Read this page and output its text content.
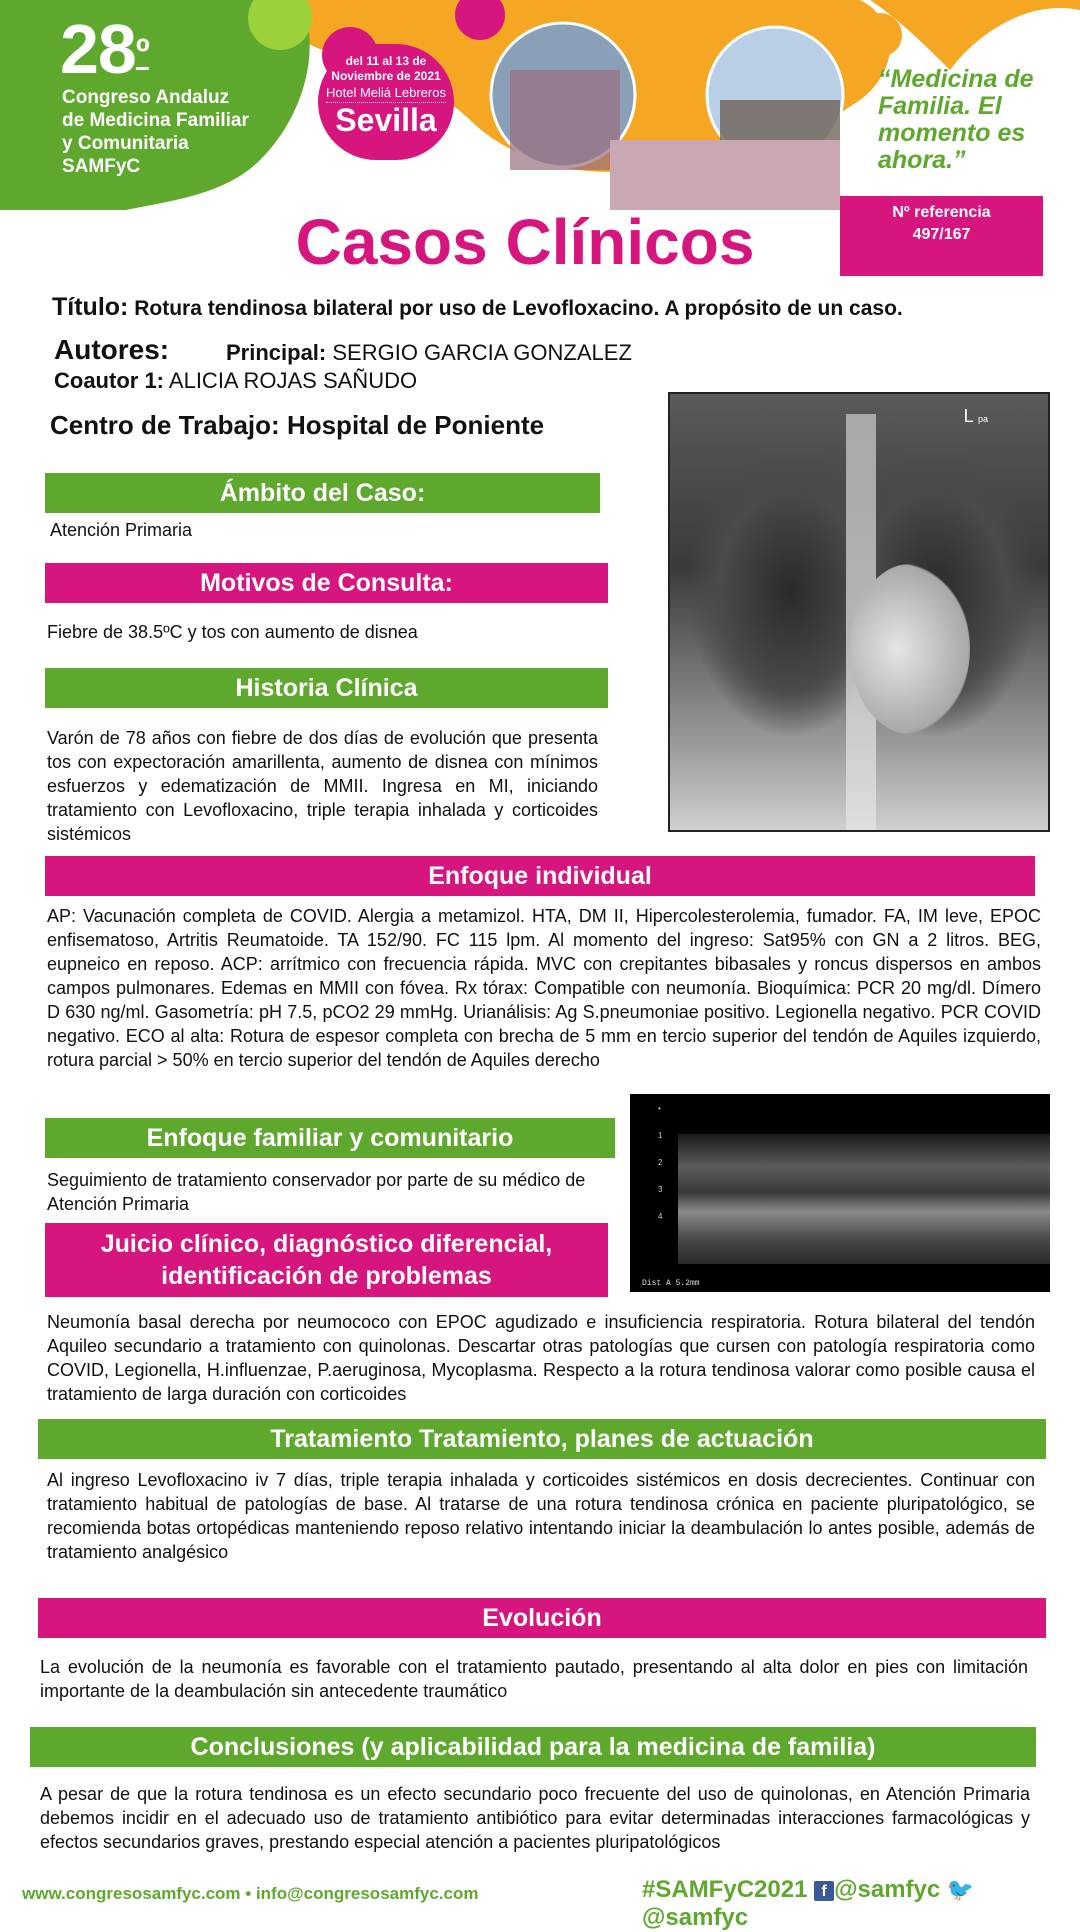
$28^º$
Congreso Andaluz
de Medicina Familiar
y Comunitaria
SAMFyC
del 11 al 13 de
Noviembre de 2021
Hotel Meliá Lebreros
Sevilla
“Medicina de Familia. El momento es ahora.”
Nº referencia
497/167
Casos Clínicos
Título: Rotura tendinosa bilateral por uso de Levofloxacino. A propósito de un caso.
Autores:	Principal: SERGIO GARCIA GONZALEZ
Coautor 1: ALICIA ROJAS SAÑUDO
Centro de Trabajo: Hospital de Poniente	L pa
•

1

2

3

4
Dist A 5.2mm
Ámbito del Caso:
Atención Primaria
Motivos de Consulta:
Fiebre de 38.5ºC y tos con aumento de disnea
Historia Clínica
Varón de 78 años con fiebre de dos días de evolución que presenta tos con expectoración amarillenta, aumento de disnea con mínimos esfuerzos y edematización de MMII. Ingresa en MI, iniciando tratamiento con Levofloxacino, triple terapia inhalada y corticoides sistémicos
Enfoque individual
AP: Vacunación completa de COVID. Alergia a metamizol. HTA, DM II, Hipercolesterolemia, fumador. FA, IM leve, EPOC enfisematoso, Artritis Reumatoide. TA 152/90. FC 115 lpm. Al momento del ingreso: Sat95% con GN a 2 litros. BEG, eupneico en reposo. ACP: arrítmico con frecuencia rápida. MVC con crepitantes bibasales y roncus dispersos en ambos campos pulmonares. Edemas en MMII con fóvea. Rx tórax: Compatible con neumonía. Bioquímica: PCR 20 mg/dl. Dímero D 630 ng/ml. Gasometría: pH 7.5, pCO2 29 mmHg. Urianálisis: Ag S.pneumoniae positivo. Legionella negativo. PCR COVID negativo. ECO al alta: Rotura de espesor completa con brecha de 5 mm en tercio superior del tendón de Aquiles izquierdo, rotura parcial > 50% en tercio superior del tendón de Aquiles derecho
Enfoque familiar y comunitario
Seguimiento de tratamiento conservador por parte de su médico de Atención Primaria
Juicio clínico, diagnóstico diferencial,
identificación de problemas
Neumonía basal derecha por neumococo con EPOC agudizado e insuficiencia respiratoria. Rotura bilateral del tendón Aquileo secundario a tratamiento con quinolonas. Descartar otras patologías que cursen con patología respiratoria como COVID, Legionella, H.influenzae, P.aeruginosa, Mycoplasma. Respecto a la rotura tendinosa valorar como posible causa el tratamiento de larga duración con corticoides
Tratamiento Tratamiento, planes de actuación
Al ingreso Levofloxacino iv 7 días, triple terapia inhalada y corticoides sistémicos en dosis decrecientes. Continuar con tratamiento habitual de patologías de base. Al tratarse de una rotura tendinosa crónica en paciente pluripatológico, se recomienda botas ortopédicas manteniendo reposo relativo intentando iniciar la deambulación lo antes posible, además de tratamiento analgésico
Evolución
La evolución de la neumonía es favorable con el tratamiento pautado, presentando al alta dolor en pies con limitación importante de la deambulación sin antecedente traumático
Conclusiones (y aplicabilidad para la medicina de familia)
A pesar de que la rotura tendinosa es un efecto secundario poco frecuente del uso de quinolonas, en Atención Primaria debemos incidir en el adecuado uso de tratamiento antibiótico para evitar determinadas interacciones farmacológicas y efectos secundarios graves, prestando especial atención a pacientes pluripatológicos
www.congresosamfyc.com • info@congresosamfyc.com	#SAMFyC2021 f @samfyc 🐦@samfyc
